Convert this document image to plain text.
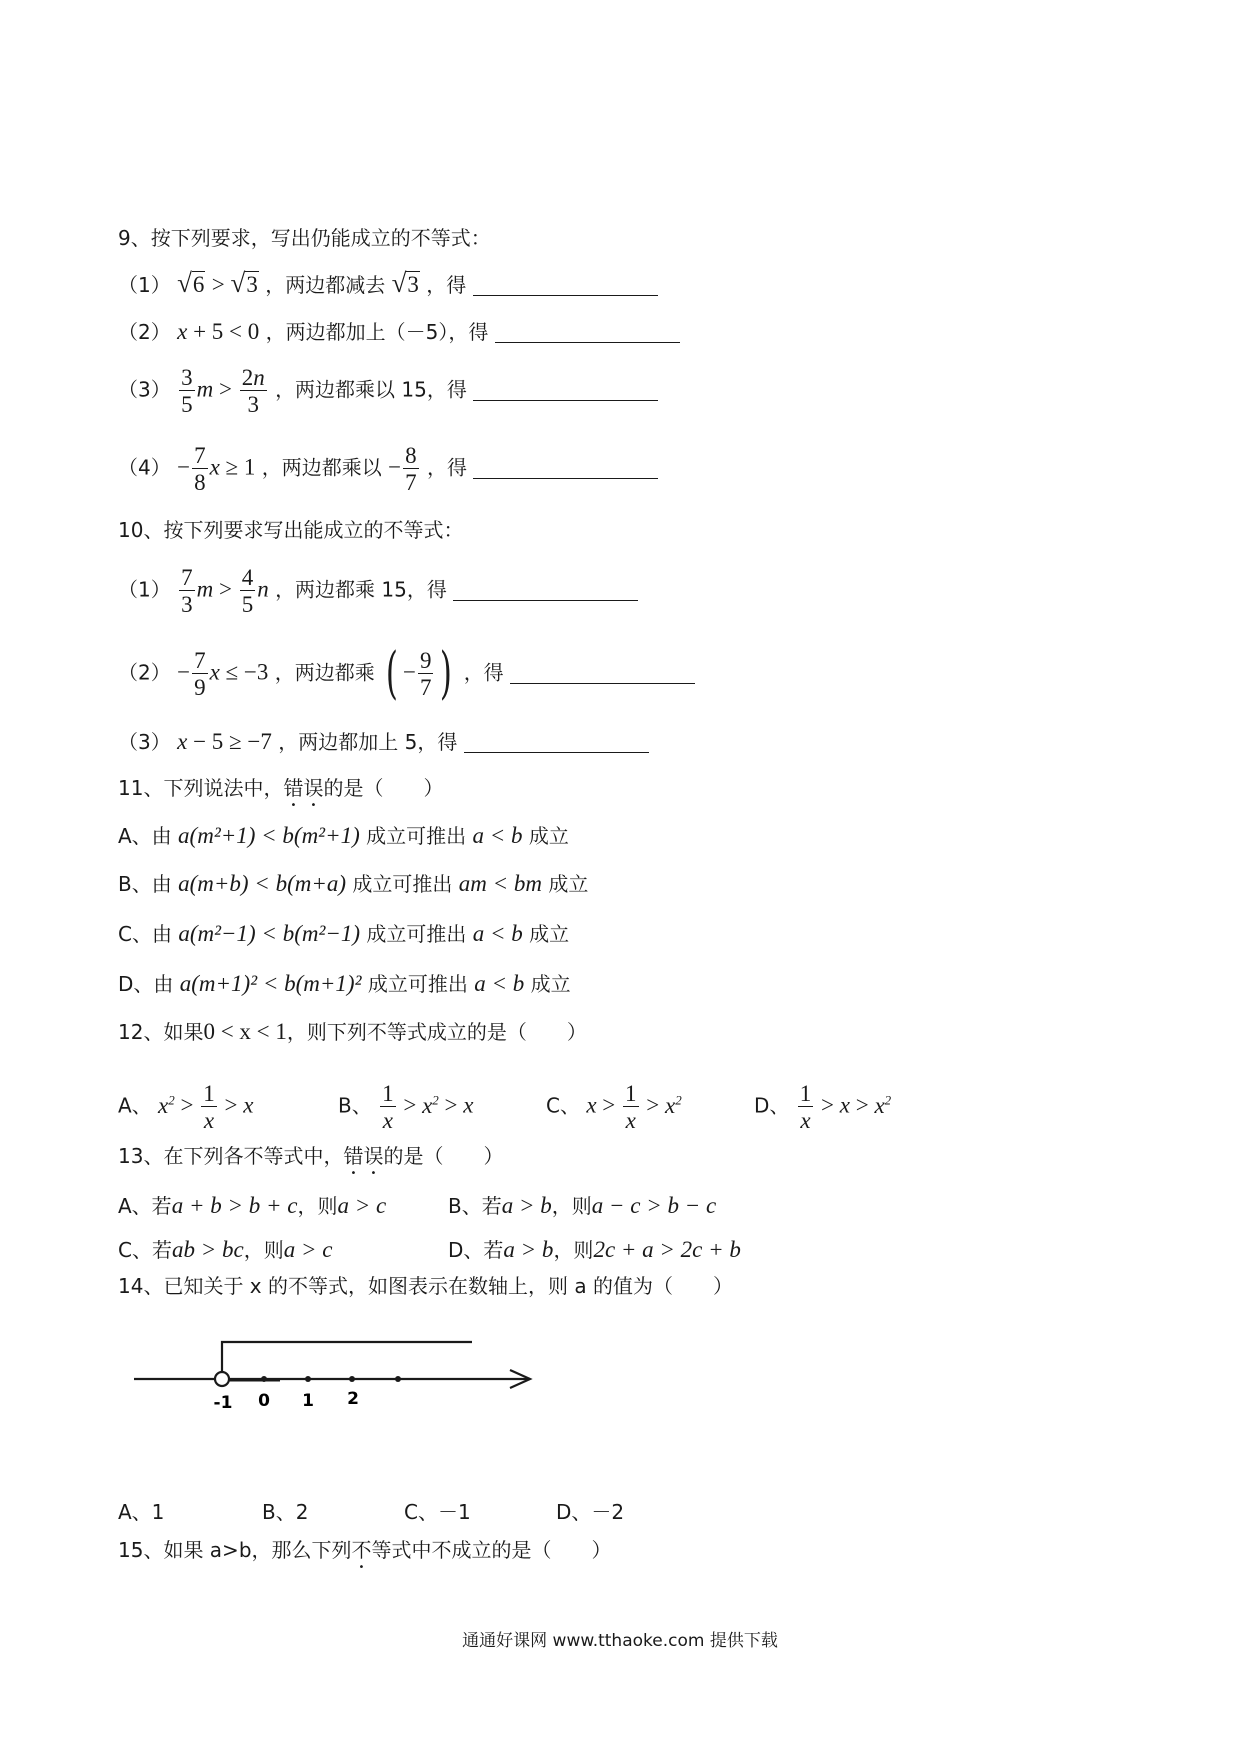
9、按下列要求，写出仍能成立的不等式：
（1） √6 > √3 ，两边都减去 √3 ，得
（2） x + 5 < 0 ，两边都加上（－5），得
$(3) \frac{3}{5}$ $m > \frac{2n}{3}$ ，两边都乘以 15，得
$(4) - \frac{7}{8}$ x ≥ 1 ，两边都乘以 − $\frac{8}{7}$ ，得
10、按下列要求写出能成立的不等式：
$(1) \frac{7}{3}$ $m > \frac{4}{5}$ n ，两边都乘 15，得
$(2) - \frac{7}{9}$ x ≤ −3 ，两边都乘 ( − $\frac{9}{7}$ ) ，得
（3） x − 5 ≥ −7 ，两边都加上 5，得
11、下列说法中，错误的是（　　）
A、由 a(m²+1) < b(m²+1) 成立可推出 a < b 成立
B、由 a(m+b) < b(m+a) 成立可推出 am < bm 成立
C、由 a(m²−1) < b(m²−1) 成立可推出 a < b 成立
D、由 a(m+1)² < b(m+1)² 成立可推出 a < b 成立
12、如果0 < x < 1，则下列不等式成立的是（　　）
A、 $x^2 > \frac{1}{x} > x$	B、 $\frac{1}{x} > x^2 > x$	C、 $x > \frac{1}{x} > x^2$	D、 $\frac{1}{x} > x > x^2$
13、在下列各不等式中，错误的是（　　）
A、若a + b > b + c，则a > c	B、若a > b，则a − c > b − c
C、若ab > bc，则a > c	D、若a > b，则2c + a > 2c + b
14、已知关于 x 的不等式，如图表示在数轴上，则 a 的值为（　　）
-1 0 1 2
A、1	B、2	C、－1	D、－2
15、如果 a>b，那么下列不等式中不成立的是（　　）
通通好课网 www.tthaoke.com 提供下载
